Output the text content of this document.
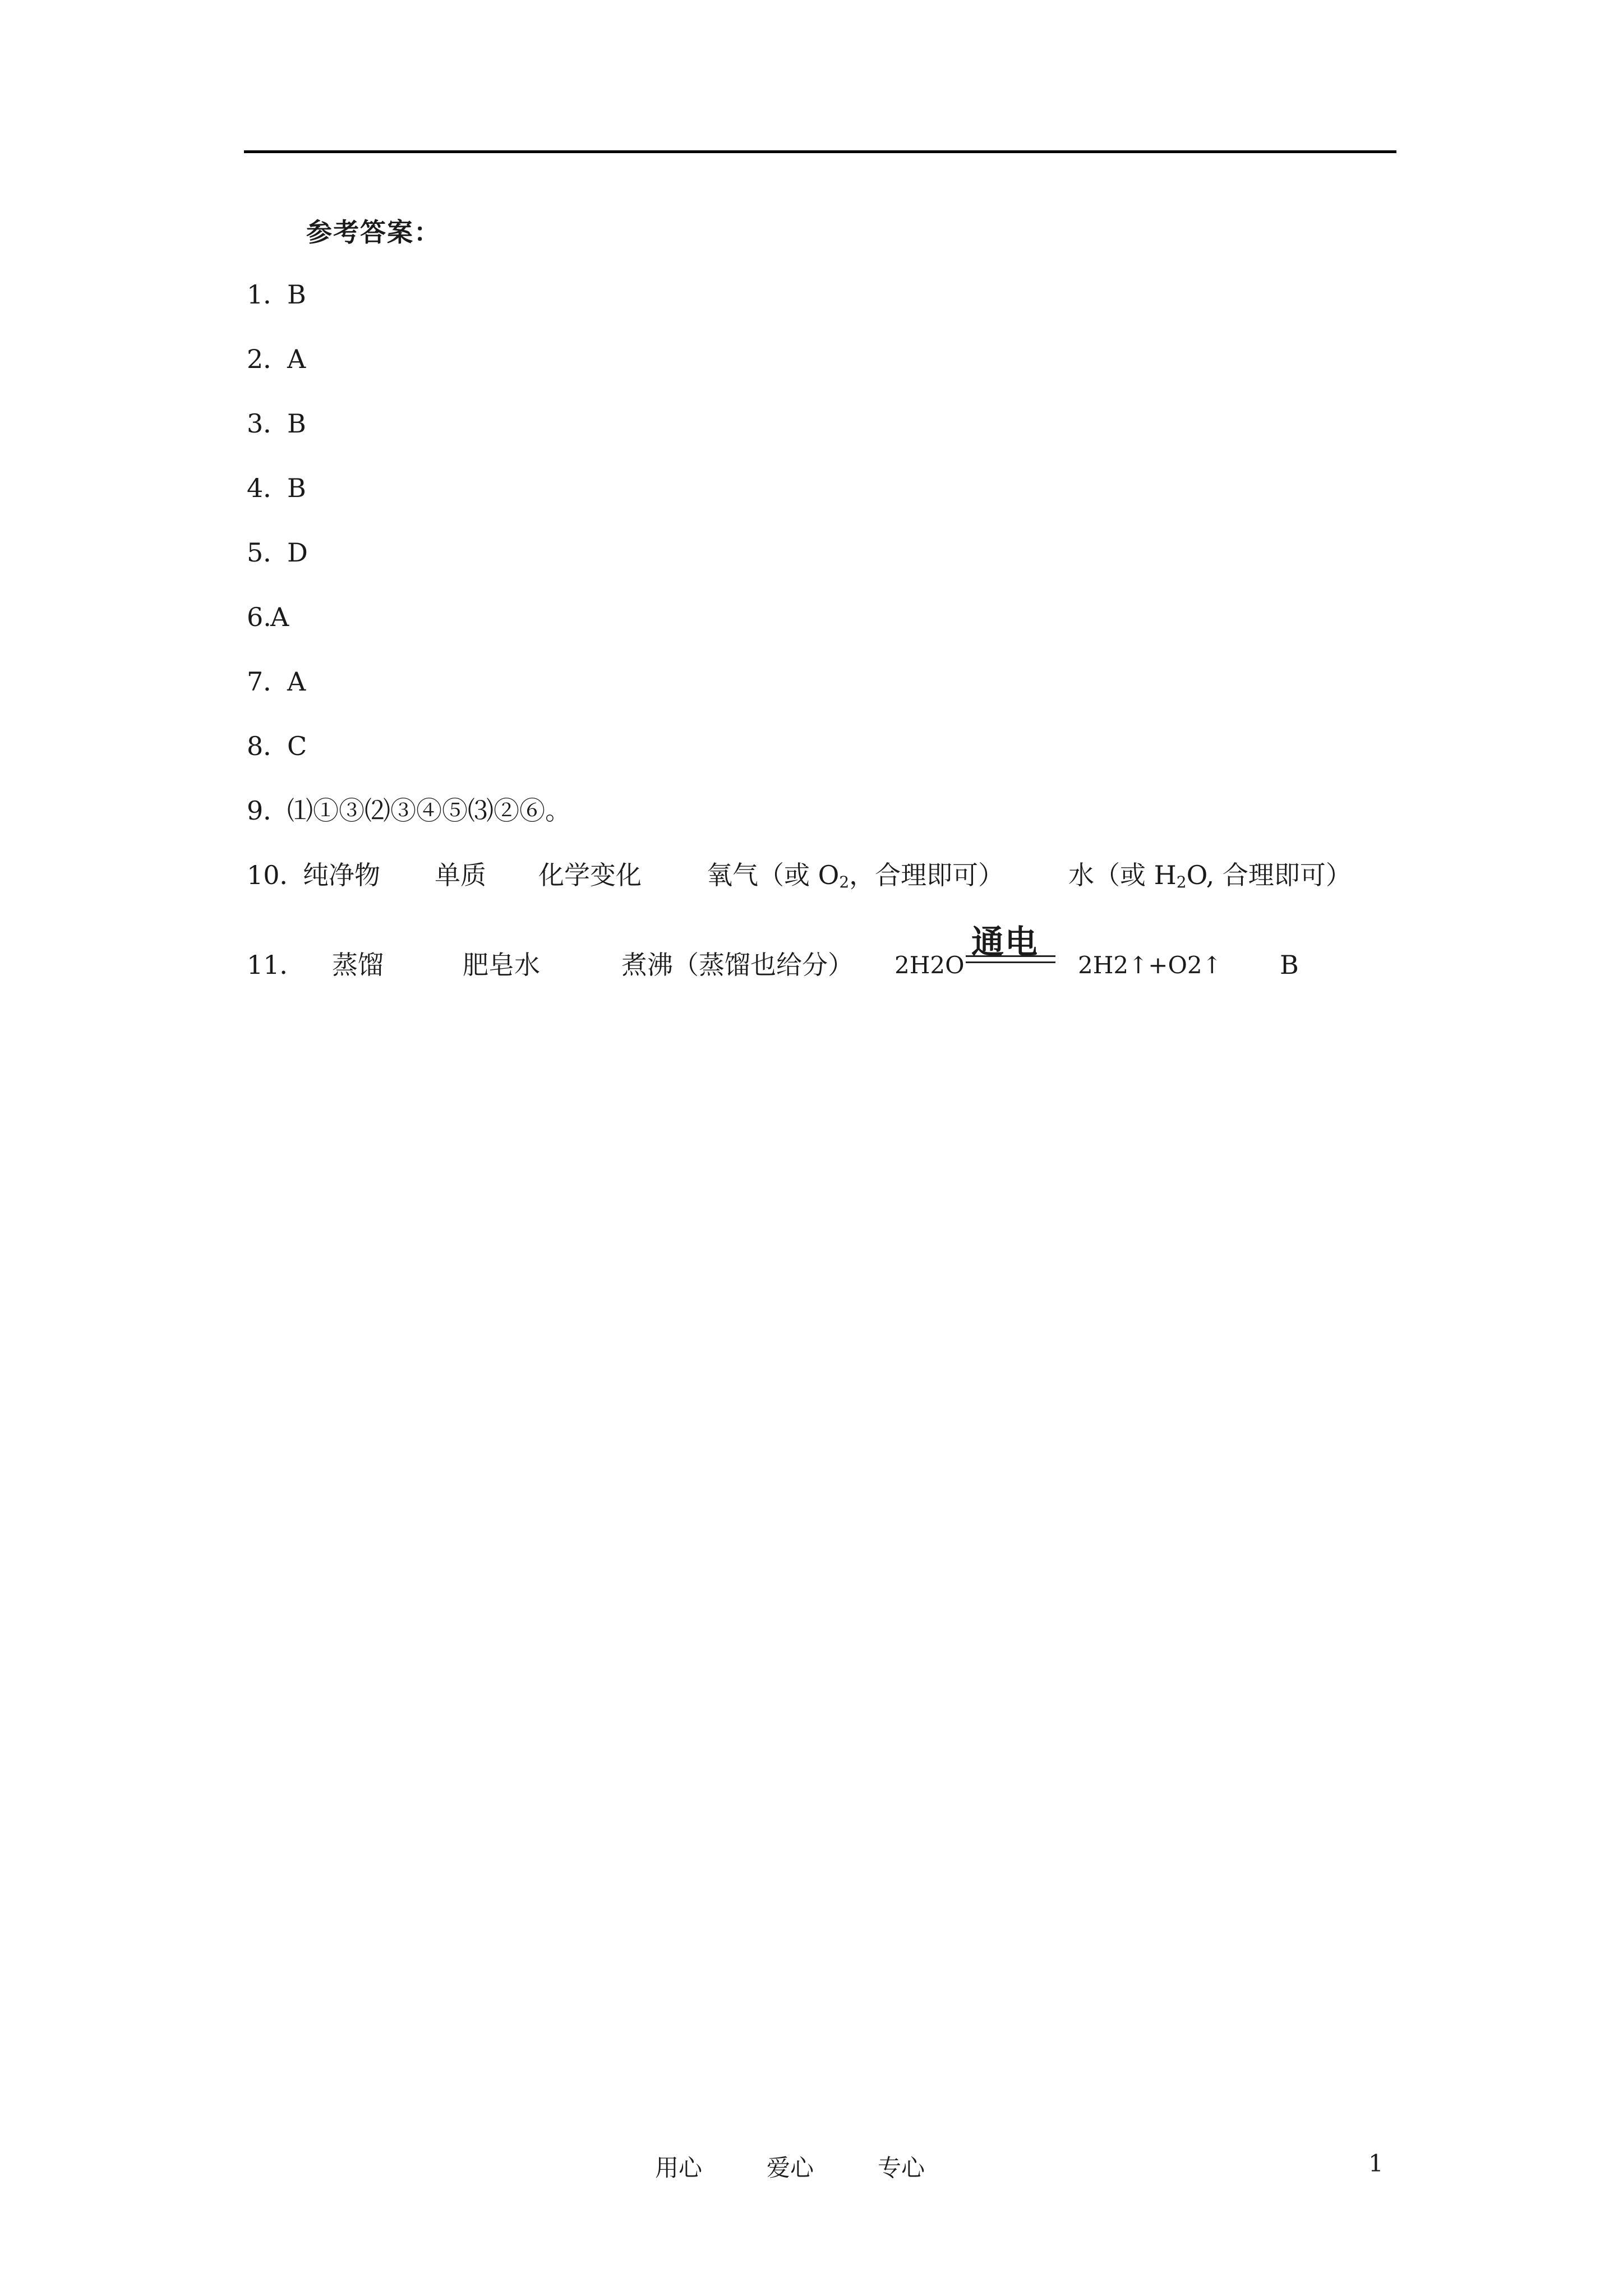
参考答案：
1．
B
2．
A
3．
B
4．
B
5．
D
6.
A
7．
A
8．
C
9．
⑴①③⑵③④⑤⑶②⑥。
10．
纯净物 单质 化学变化	氧气（或 $O_2$，合理即可） 水（或 $H_2O$, 合理即可）
11． 蒸馏	肥皂水	煮沸（蒸馏也给分） 2H2O	2H2↑+O2↑ B
通电
用心	爱心	专心	1
